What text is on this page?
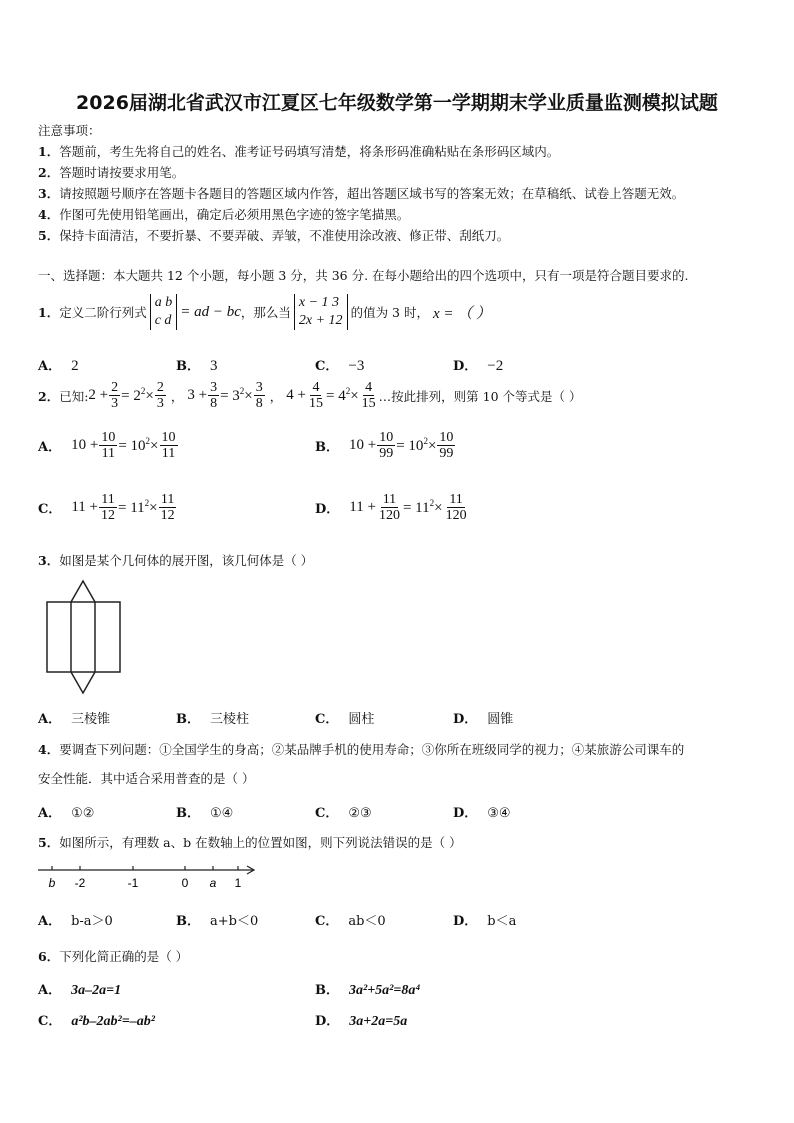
2026届湖北省武汉市江夏区七年级数学第一学期期末学业质量监测模拟试题
注意事项：
1．答题前，考生先将自己的姓名、准考证号码填写清楚，将条形码准确粘贴在条形码区域内。
2．答题时请按要求用笔。
3．请按照题号顺序在答题卡各题目的答题区域内作答，超出答题区域书写的答案无效；在草稿纸、试卷上答题无效。
4．作图可先使用铅笔画出，确定后必须用黑色字迹的签字笔描黑。
5．保持卡面清洁，不要折暴、不要弄破、弄皱，不准使用涂改液、修正带、刮纸刀。
一、选择题：本大题共 12 个小题，每小题 3 分，共 36 分. 在每小题给出的四个选项中，只有一项是符合题目要求的.
1． 定义二阶行列式
a b
c d
= ad − bc ，那么当
x − 1 3
2x + 12
的值为 3 时， x = （ ）
A． 2	B． 3	C． −3	D． −2
2． 已知: $2 + \frac{2}{3} = 2^2\times \frac{2}{3}$ ， $3 + \frac{3}{8} = 3^2\times \frac{3}{8}$ ， $4 + \frac{4}{15} = 4^2\times \frac{4}{15}$ …按此排列，则第 10 个等式是（ ）
A． $10 + \frac{10}{11} = 10^2\times \frac{10}{11}$	B． $10 + \frac{10}{99} = 10^2\times \frac{10}{99}$
C． $11 + \frac{11}{12} = 11^2\times \frac{11}{12}$	D． $11 + \frac{11}{120} = 11^2\times \frac{11}{120}$
3．如图是某个几何体的展开图，该几何体是（ ）
A． 三棱锥	B． 三棱柱	C． 圆柱	D． 圆锥
4．要调查下列问题：①全国学生的身高；②某品牌手机的使用寿命；③你所在班级同学的视力；④某旅游公司课车的
安全性能．其中适合采用普查的是（ ）
A． ①②	B． ①④	C． ②③	D． ③④
5．如图所示，有理数 a、b 在数轴上的位置如图，则下列说法错误的是（ ）
b -2	-1	0 a 1
A． b-a＞0	B． a+b＜0	C． ab＜0	D． b＜a
6．下列化简正确的是（ ）
A． 3a–2a=1	B． 3a²+5a²=8a⁴
C． a²b–2ab²=–ab²	D． 3a+2a=5a
